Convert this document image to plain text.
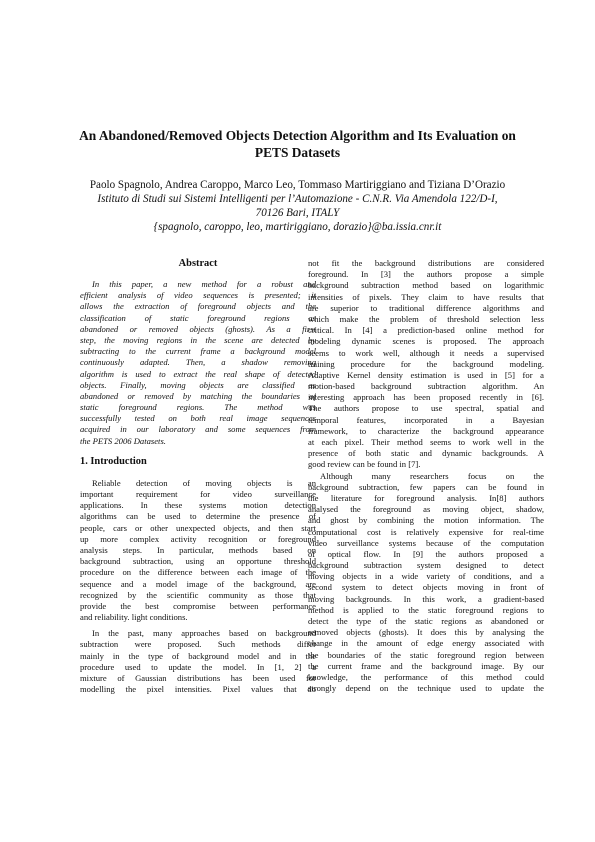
An Abandoned/Removed Objects Detection Algorithm and Its Evaluation on
PETS Datasets
Paolo Spagnolo, Andrea Caroppo, Marco Leo, Tommaso Martiriggiano and Tiziana D’Orazio
Istituto di Studi sui Sistemi Intelligenti per l’Automazione - C.N.R. Via Amendola 122/D-I,
70126 Bari, ITALY
{spagnolo, caroppo, leo, martiriggiano, dorazio}@ba.issia.cnr.it
Abstract
In this paper, a new method for a robust and
efficient analysis of video sequences is presented; it
allows the extraction of foreground objects and the
classification of static foreground regions as
abandoned or removed objects (ghosts). As a first
step, the moving regions in the scene are detected by
subtracting to the current frame a background model
continuously adapted. Then, a shadow removing
algorithm is used to extract the real shape of detected
objects. Finally, moving objects are classified as
abandoned or removed by matching the boundaries of
static foreground regions. The method was
successfully tested on both real image sequences
acquired in our laboratory and some sequences from
the PETS 2006 Datasets.
1. Introduction
Reliable detection of moving objects is an
important requirement for video surveillance
applications. In these systems motion detection
algorithms can be used to determine the presence of
people, cars or other unexpected objects, and then start
up more complex activity recognition or foreground
analysis steps. In particular, methods based on
background subtraction, using an opportune threshold
procedure on the difference between each image of the
sequence and a model image of the background, are
recognized by the scientific community as those that
provide the best compromise between performance
and reliability. light conditions.
In the past, many approaches based on background
subtraction were proposed. Such methods differ
mainly in the type of background model and in the
procedure used to update the model. In [1, 2] a
mixture of Gaussian distributions has been used for
modelling the pixel intensities. Pixel values that do
not fit the background distributions are considered
foreground. In [3] the authors propose a simple
background subtraction method based on logarithmic
intensities of pixels. They claim to have results that
are superior to traditional difference algorithms and
which make the problem of threshold selection less
critical. In [4] a prediction-based online method for
modeling dynamic scenes is proposed. The approach
seems to work well, although it needs a supervised
training procedure for the background modeling.
Adaptive Kernel density estimation is used in [5] for a
motion-based background subtraction algorithm. An
interesting approach has been proposed recently in [6].
The authors propose to use spectral, spatial and
temporal features, incorporated in a Bayesian
framework, to characterize the background appearance
at each pixel. Their method seems to work well in the
presence of both static and dynamic backgrounds. A
good review can be found in [7].
Although many researchers focus on the
background subtraction, few papers can be found in
the literature for foreground analysis. In[8] authors
analysed the foreground as moving object, shadow,
and ghost by combining the motion information. The
computational cost is relatively expensive for real-time
video surveillance systems because of the computation
of optical flow. In [9] the authors proposed a
background subtraction system designed to detect
moving objects in a wide variety of conditions, and a
second system to detect objects moving in front of
moving backgrounds. In this work, a gradient-based
method is applied to the static foreground regions to
detect the type of the static regions as abandoned or
removed objects (ghosts). It does this by analysing the
change in the amount of edge energy associated with
the boundaries of the static foreground region between
the current frame and the background image. By our
knowledge, the performance of this method could
strongly depend on the technique used to update the
